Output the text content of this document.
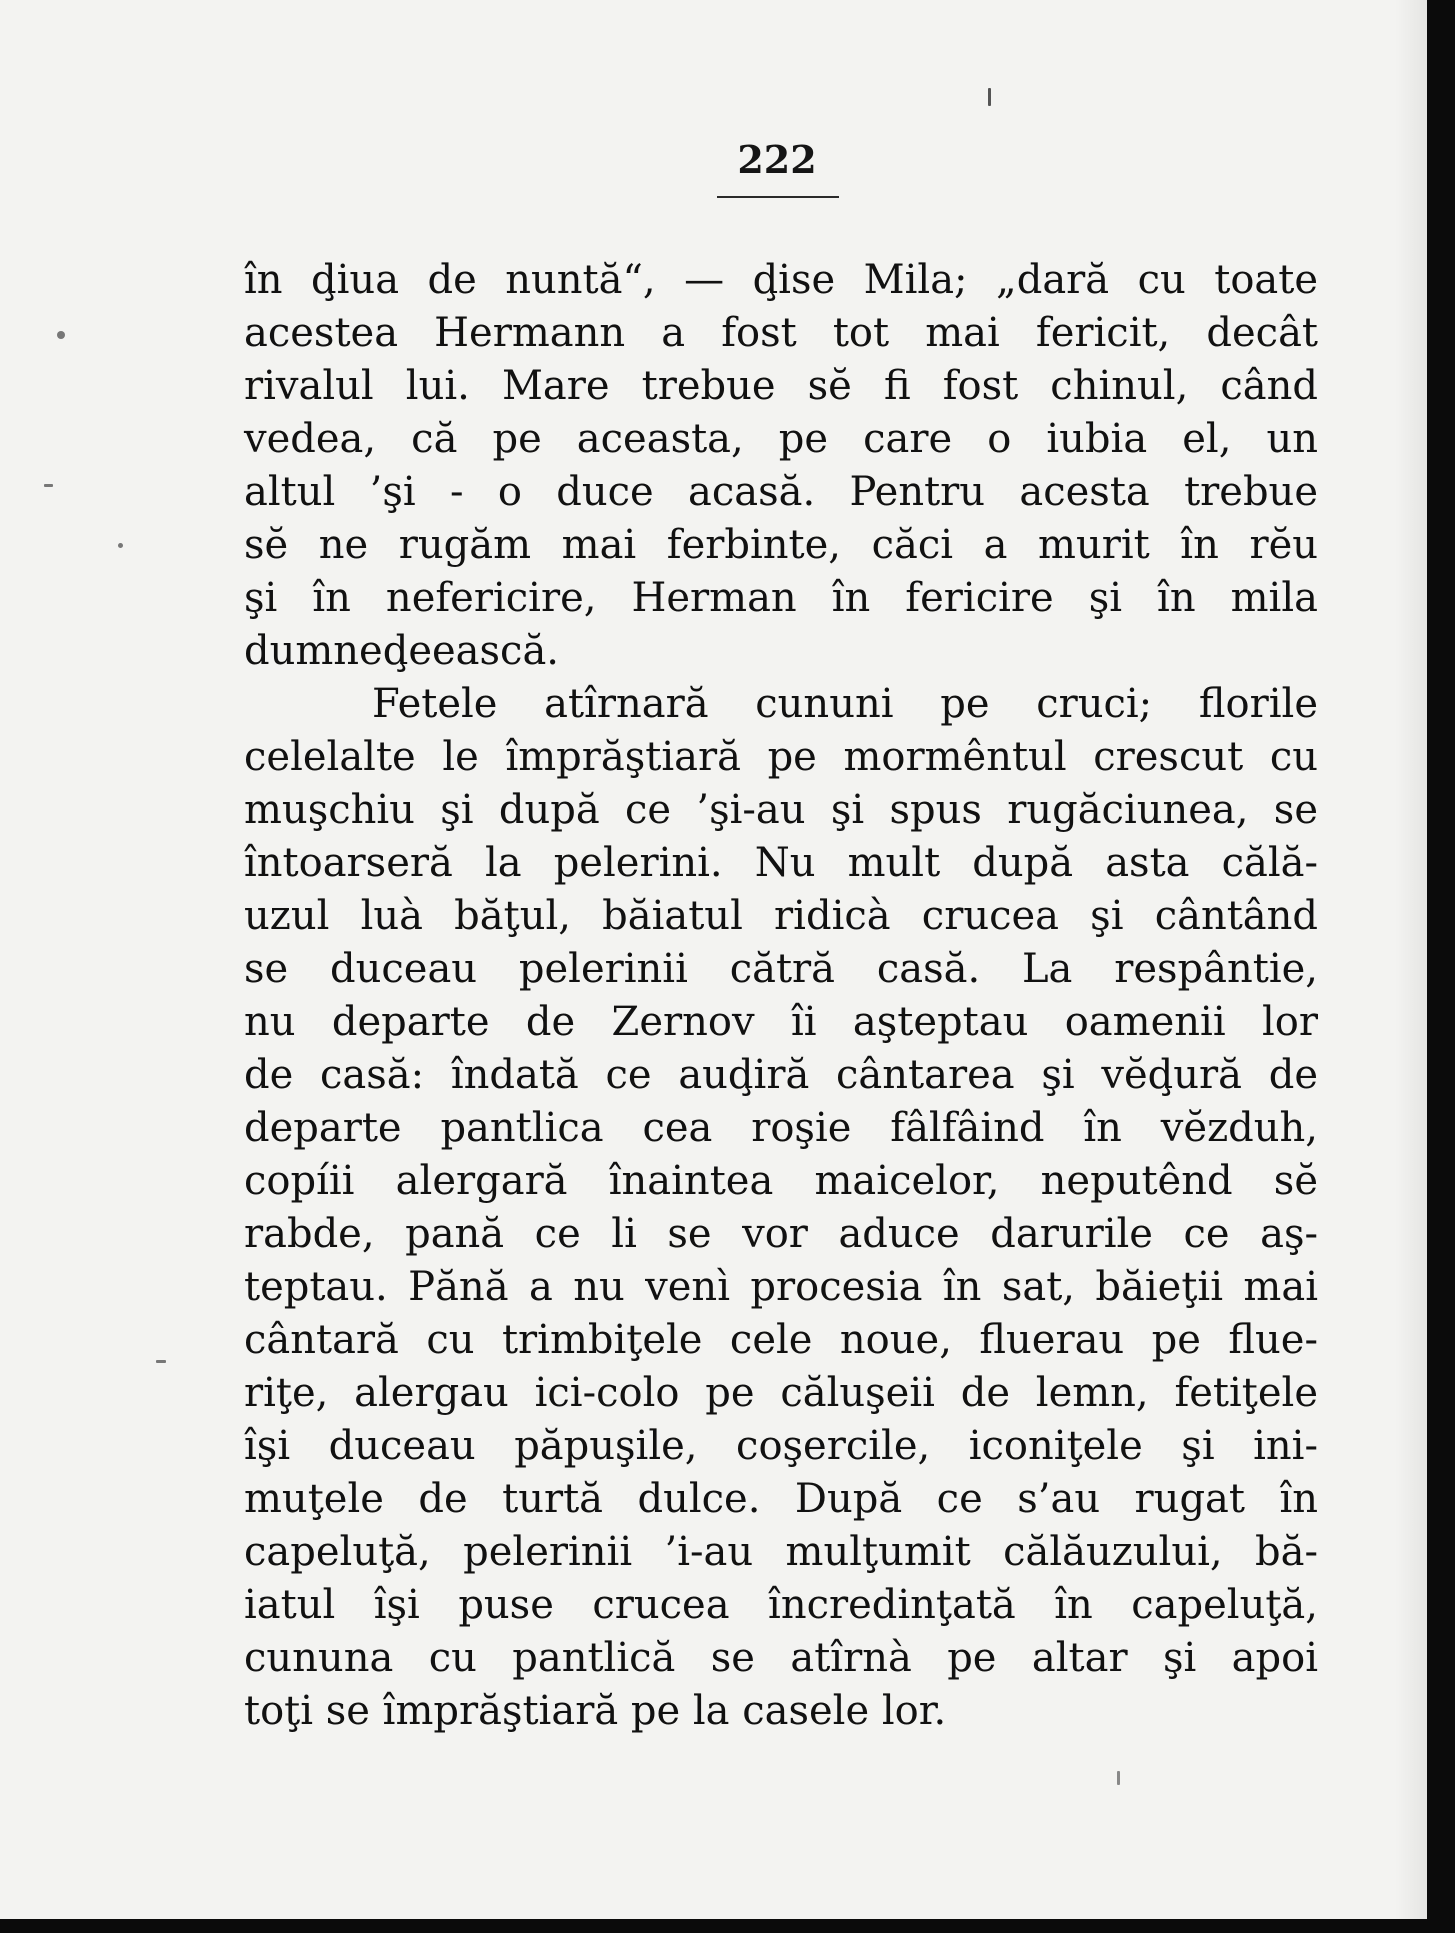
222
în ḑiua de nuntă“, — ḑise Mila; „dară cu toate
acestea Hermann a fost tot mai fericit, decât
rivalul lui. Mare trebue sĕ fi fost chinul, când
vedea, că pe aceasta, pe care o iubia el, un
altul ’şi - o duce acasă. Pentru acesta trebue
sĕ ne rugăm mai ferbinte, căci a murit în rĕu
şi în nefericire, Herman în fericire şi în mila
dumneḑeească.
Fetele atîrnară cununi pe cruci; florile
celelalte le împrăştiară pe mormêntul crescut cu
muşchiu şi după ce ’şi-au şi spus rugăciunea, se
întoarseră la pelerini. Nu mult după asta călă-
uzul luà băţul, băiatul ridicà crucea şi cântând
se duceau pelerinii cătră casă. La respântie,
nu departe de Zernov îi aşteptau oamenii lor
de casă: îndată ce auḑiră cântarea şi vĕḑură de
departe pantlica cea roşie fâlfâind în vĕzduh,
copíii alergară înaintea maicelor, neputênd sĕ
rabde, pană ce li se vor aduce darurile ce aş-
teptau. Pănă a nu venì procesia în sat, băieţii mai
cântară cu trimbiţele cele noue, fluerau pe flue-
riţe, alergau ici-colo pe căluşeii de lemn, fetiţele
îşi duceau păpuşile, coşercile, iconiţele şi ini-
muţele de turtă dulce. După ce s’au rugat în
capeluţă, pelerinii ’i-au mulţumit călăuzului, bă-
iatul îşi puse crucea încredinţată în capeluţă,
cununa cu pantlică se atîrnà pe altar şi apoi
toţi se împrăştiară pe la casele lor.
